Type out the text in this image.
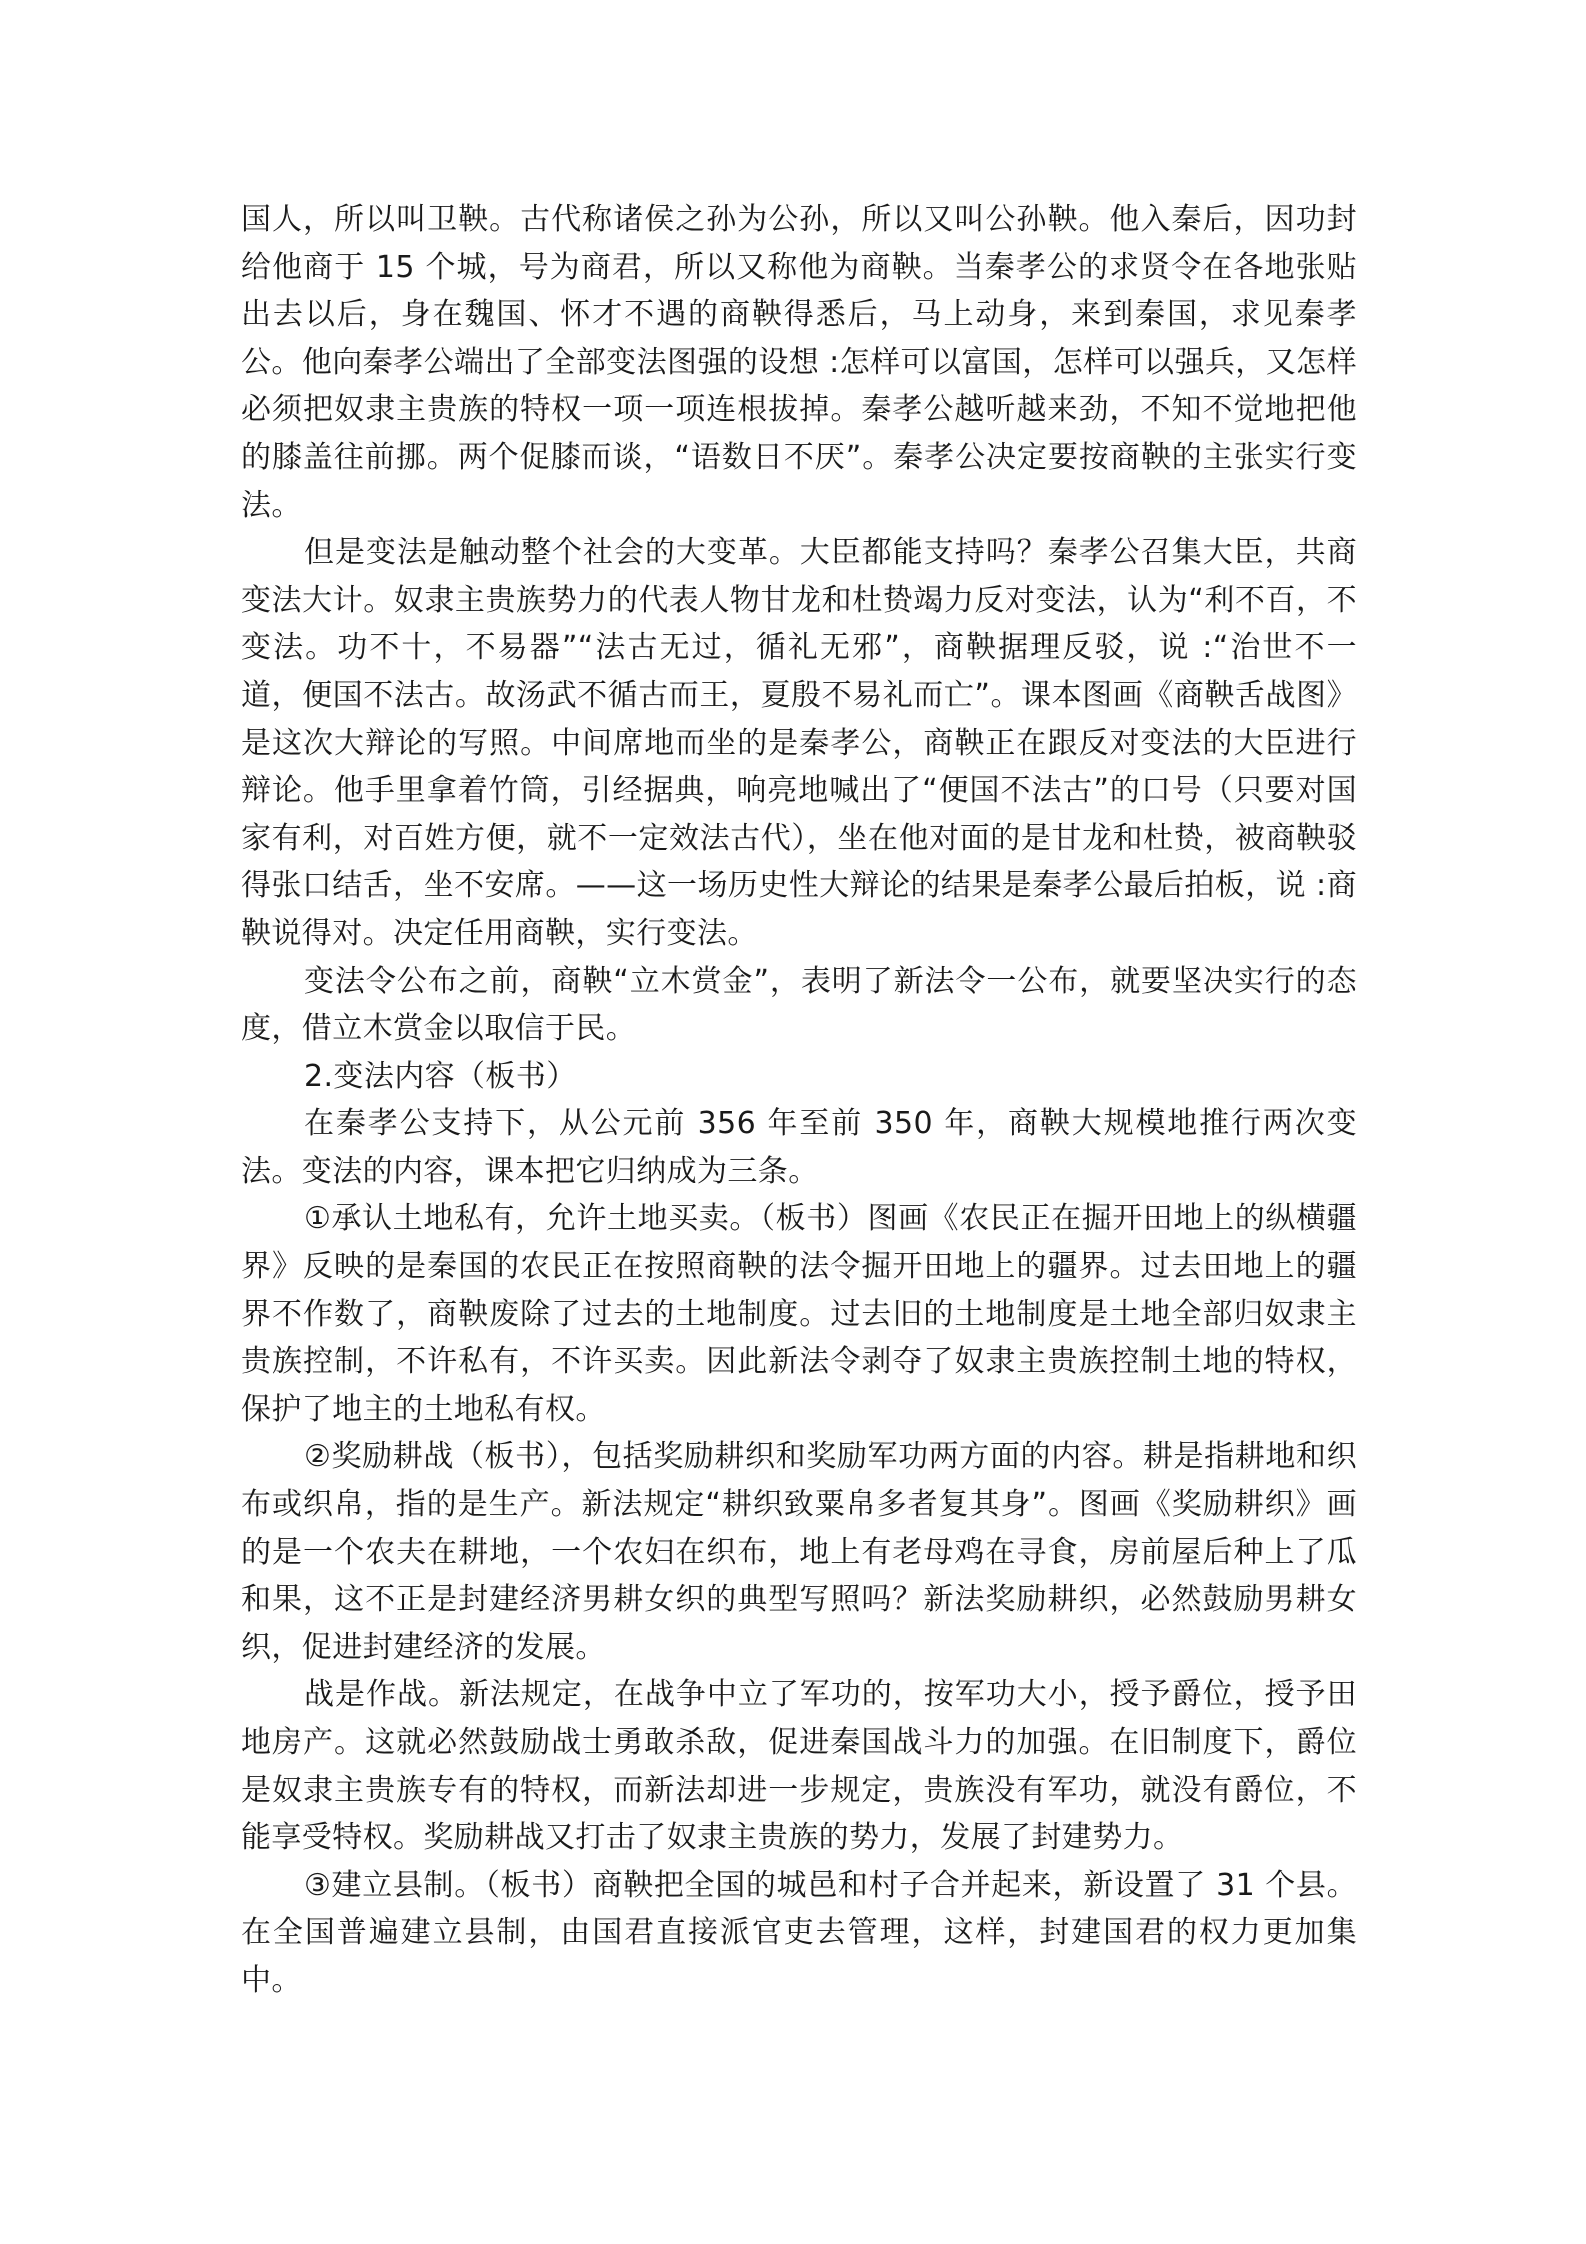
国人，所以叫卫鞅。古代称诸侯之孙为公孙，所以又叫公孙鞅。他入秦后，因功封给他商于 15 个城，号为商君，所以又称他为商鞅。当秦孝公的求贤令在各地张贴出去以后，身在魏国、怀才不遇的商鞅得悉后，马上动身，来到秦国，求见秦孝公。他向秦孝公端出了全部变法图强的设想 :怎样可以富国，怎样可以强兵，又怎样必须把奴隶主贵族的特权一项一项连根拔掉。秦孝公越听越来劲，不知不觉地把他的膝盖往前挪。两个促膝而谈，“语数日不厌”。秦孝公决定要按商鞅的主张实行变法。

但是变法是触动整个社会的大变革。大臣都能支持吗？秦孝公召集大臣，共商变法大计。奴隶主贵族势力的代表人物甘龙和杜贽竭力反对变法，认为“利不百，不变法。功不十，不易器”“法古无过，循礼无邪”，商鞅据理反驳，说 :“治世不一道，便国不法古。故汤武不循古而王，夏殷不易礼而亡”。课本图画《商鞅舌战图》是这次大辩论的写照。中间席地而坐的是秦孝公，商鞅正在跟反对变法的大臣进行辩论。他手里拿着竹筒，引经据典，响亮地喊出了“便国不法古”的口号（只要对国家有利，对百姓方便，就不一定效法古代），坐在他对面的是甘龙和杜贽，被商鞅驳得张口结舌，坐不安席。——这一场历史性大辩论的结果是秦孝公最后拍板，说 :商鞅说得对。决定任用商鞅，实行变法。

变法令公布之前，商鞅“立木赏金”，表明了新法令一公布，就要坚决实行的态度，借立木赏金以取信于民。

2.变法内容（板书）

在秦孝公支持下，从公元前 356 年至前 350 年，商鞅大规模地推行两次变法。变法的内容，课本把它归纳成为三条。

①承认土地私有，允许土地买卖。（板书）图画《农民正在掘开田地上的纵横疆界》反映的是秦国的农民正在按照商鞅的法令掘开田地上的疆界。过去田地上的疆界不作数了，商鞅废除了过去的土地制度。过去旧的土地制度是土地全部归奴隶主贵族控制，不许私有，不许买卖。因此新法令剥夺了奴隶主贵族控制土地的特权，保护了地主的土地私有权。

②奖励耕战（板书），包括奖励耕织和奖励军功两方面的内容。耕是指耕地和织布或织帛，指的是生产。新法规定“耕织致粟帛多者复其身”。图画《奖励耕织》画的是一个农夫在耕地，一个农妇在织布，地上有老母鸡在寻食，房前屋后种上了瓜和果，这不正是封建经济男耕女织的典型写照吗？新法奖励耕织，必然鼓励男耕女织，促进封建经济的发展。

战是作战。新法规定，在战争中立了军功的，按军功大小，授予爵位，授予田地房产。这就必然鼓励战士勇敢杀敌，促进秦国战斗力的加强。在旧制度下，爵位是奴隶主贵族专有的特权，而新法却进一步规定，贵族没有军功，就没有爵位，不能享受特权。奖励耕战又打击了奴隶主贵族的势力，发展了封建势力。

③建立县制。（板书）商鞅把全国的城邑和村子合并起来，新设置了 31 个县。在全国普遍建立县制，由国君直接派官吏去管理，这样，封建国君的权力更加集中。
